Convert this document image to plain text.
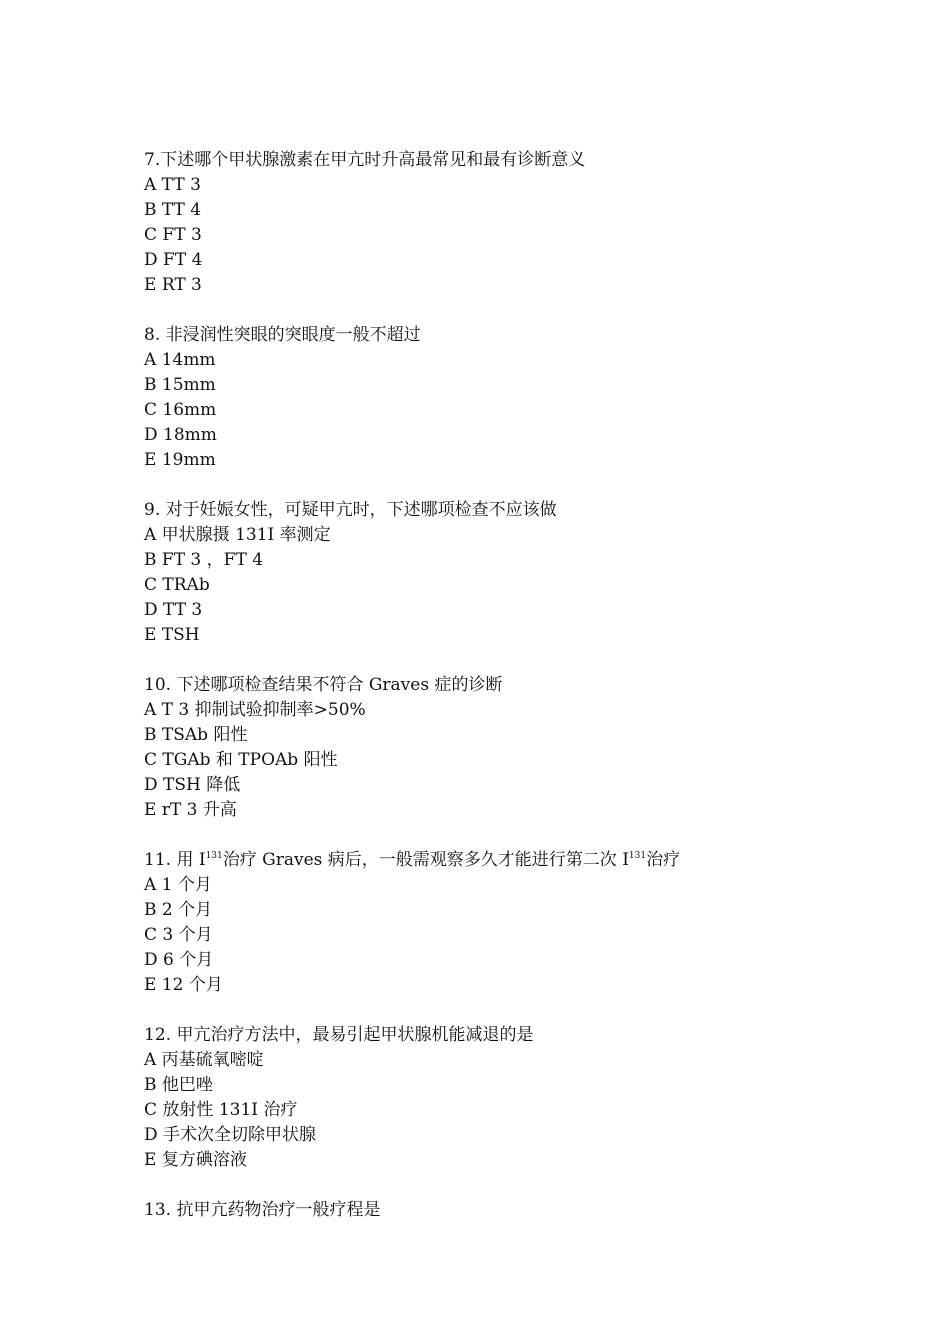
7.下述哪个甲状腺激素在甲亢时升高最常见和最有诊断意义
A TT 3
B TT 4
C FT 3
D FT 4
E RT 3
8. 非浸润性突眼的突眼度一般不超过
A 14mm
B 15mm
C 16mm
D 18mm
E 19mm
9. 对于妊娠女性，可疑甲亢时，下述哪项检查不应该做
A 甲状腺摄 131I 率测定
B FT 3 ，FT 4
C TRAb
D TT 3
E TSH
10. 下述哪项检查结果不符合 Graves 症的诊断
A T 3 抑制试验抑制率>50%
B TSAb 阳性
C TGAb 和 TPOAb 阳性
D TSH 降低
E rT 3 升高
11. 用 $I^{131}$治疗 Graves 病后，一般需观察多久才能进行第二次 $I^{131}$治疗
A 1 个月
B 2 个月
C 3 个月
D 6 个月
E 12 个月
12. 甲亢治疗方法中，最易引起甲状腺机能减退的是
A 丙基硫氧嘧啶
B 他巴唑
C 放射性 131I 治疗
D 手术次全切除甲状腺
E 复方碘溶液
13. 抗甲亢药物治疗一般疗程是
